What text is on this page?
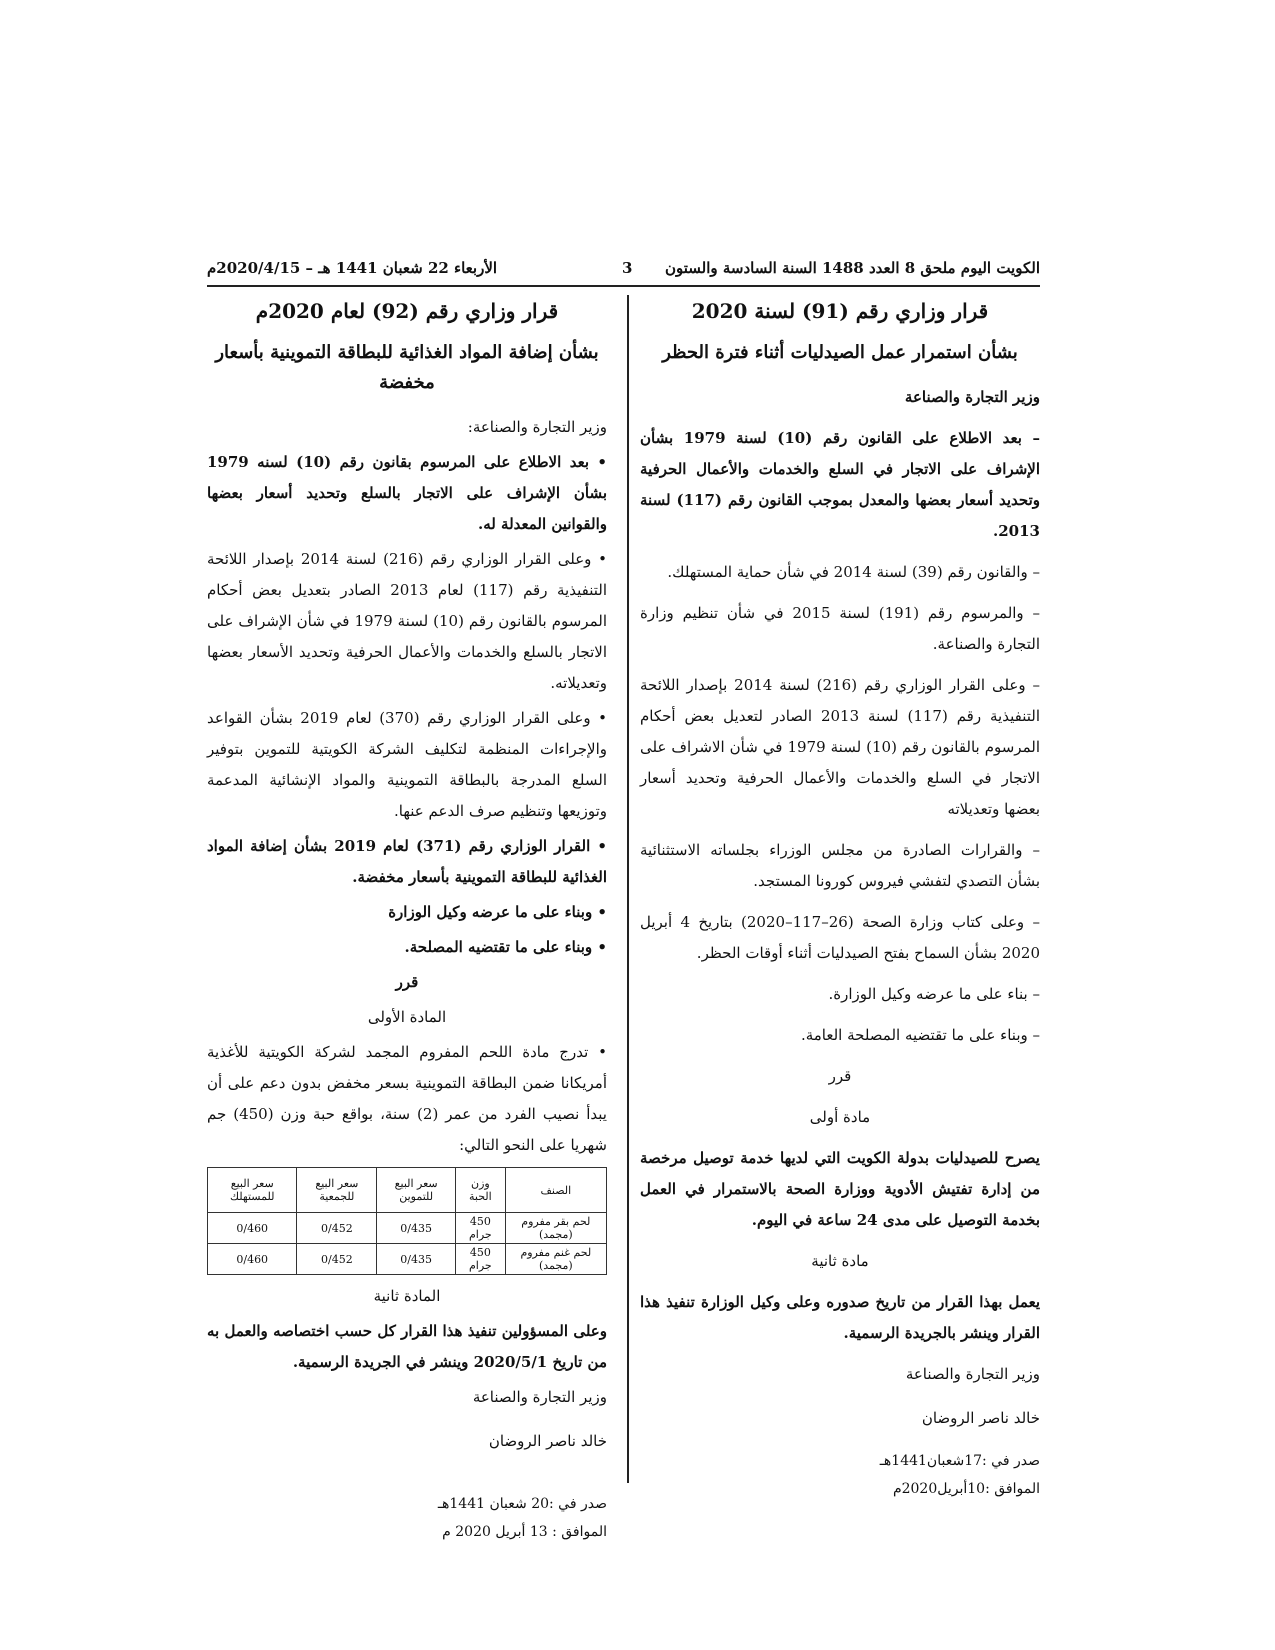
الكويت اليوم ملحق 8 العدد 1488 السنة السادسة والستون
3
الأربعاء 22 شعبان 1441 هـ – 2020/4/15م
قرار وزاري رقم (91) لسنة 2020
بشأن استمرار عمل الصيدليات أثناء فترة الحظر
وزير التجارة والصناعة
– بعد الاطلاع على القانون رقم (10) لسنة 1979 بشأن الإشراف على الاتجار في السلع والخدمات والأعمال الحرفية وتحديد أسعار بعضها والمعدل بموجب القانون رقم (117) لسنة 2013.
– والقانون رقم (39) لسنة 2014 في شأن حماية المستهلك.
– والمرسوم رقم (191) لسنة 2015 في شأن تنظيم وزارة التجارة والصناعة.
– وعلى القرار الوزاري رقم (216) لسنة 2014 بإصدار اللائحة التنفيذية رقم (117) لسنة 2013 الصادر لتعديل بعض أحكام المرسوم بالقانون رقم (10) لسنة 1979 في شأن الاشراف على الاتجار في السلع والخدمات والأعمال الحرفية وتحديد أسعار بعضها وتعديلاته
– والقرارات الصادرة من مجلس الوزراء بجلساته الاستثنائية بشأن التصدي لتفشي فيروس كورونا المستجد.
– وعلى كتاب وزارة الصحة (26–117–2020) بتاريخ 4 أبريل 2020 بشأن السماح بفتح الصيدليات أثناء أوقات الحظر.
– بناء على ما عرضه وكيل الوزارة.
– وبناء على ما تقتضيه المصلحة العامة.
قرر
مادة أولى
يصرح للصيدليات بدولة الكويت التي لديها خدمة توصيل مرخصة من إدارة تفتيش الأدوية ووزارة الصحة بالاستمرار في العمل بخدمة التوصيل على مدى 24 ساعة في اليوم.
مادة ثانية
يعمل بهذا القرار من تاريخ صدوره وعلى وكيل الوزارة تنفيذ هذا القرار وينشر بالجريدة الرسمية.
وزير التجارة والصناعة
خالد ناصر الروضان
صدر في :17شعبان1441هـ
الموافق :10أبريل2020م
قرار وزاري رقم (92) لعام 2020م
بشأن إضافة المواد الغذائية للبطاقة التموينية بأسعار مخفضة
وزير التجارة والصناعة:
• بعد الاطلاع على المرسوم بقانون رقم (10) لسنه 1979 بشأن الإشراف على الاتجار بالسلع وتحديد أسعار بعضها والقوانين المعدلة له.
• وعلى القرار الوزاري رقم (216) لسنة 2014 بإصدار اللائحة التنفيذية رقم (117) لعام 2013 الصادر بتعديل بعض أحكام المرسوم بالقانون رقم (10) لسنة 1979 في شأن الإشراف على الاتجار بالسلع والخدمات والأعمال الحرفية وتحديد الأسعار بعضها وتعديلاته.
• وعلى القرار الوزاري رقم (370) لعام 2019 بشأن القواعد والإجراءات المنظمة لتكليف الشركة الكويتية للتموين بتوفير السلع المدرجة بالبطاقة التموينية والمواد الإنشائية المدعمة وتوزيعها وتنظيم صرف الدعم عنها.
• القرار الوزاري رقم (371) لعام 2019 بشأن إضافة المواد الغذائية للبطاقة التموينية بأسعار مخفضة.
• وبناء على ما عرضه وكيل الوزارة
• وبناء على ما تقتضيه المصلحة.
قرر
المادة الأولى
• تدرج مادة اللحم المفروم المجمد لشركة الكويتية للأغذية أمريكانا ضمن البطاقة التموينية بسعر مخفض بدون دعم على أن يبدأ نصيب الفرد من عمر (2) سنة، بواقع حبة وزن (450) جم شهريا على النحو التالي:
الصنف	وزن الحبة	سعر البيع للتموين	سعر البيع للجمعية	سعر البيع للمستهلك
لحم بقر مفروم (مجمد)	450 جرام	0/435	0/452	0/460
لحم غنم مفروم (مجمد)	450 جرام	0/435	0/452	0/460
المادة ثانية
وعلى المسؤولين تنفيذ هذا القرار كل حسب اختصاصه والعمل به من تاريخ 2020/5/1 وينشر في الجريدة الرسمية.
وزير التجارة والصناعة
خالد ناصر الروضان
صدر في :20 شعبان 1441هـ
الموافق : 13 أبريل 2020 م
